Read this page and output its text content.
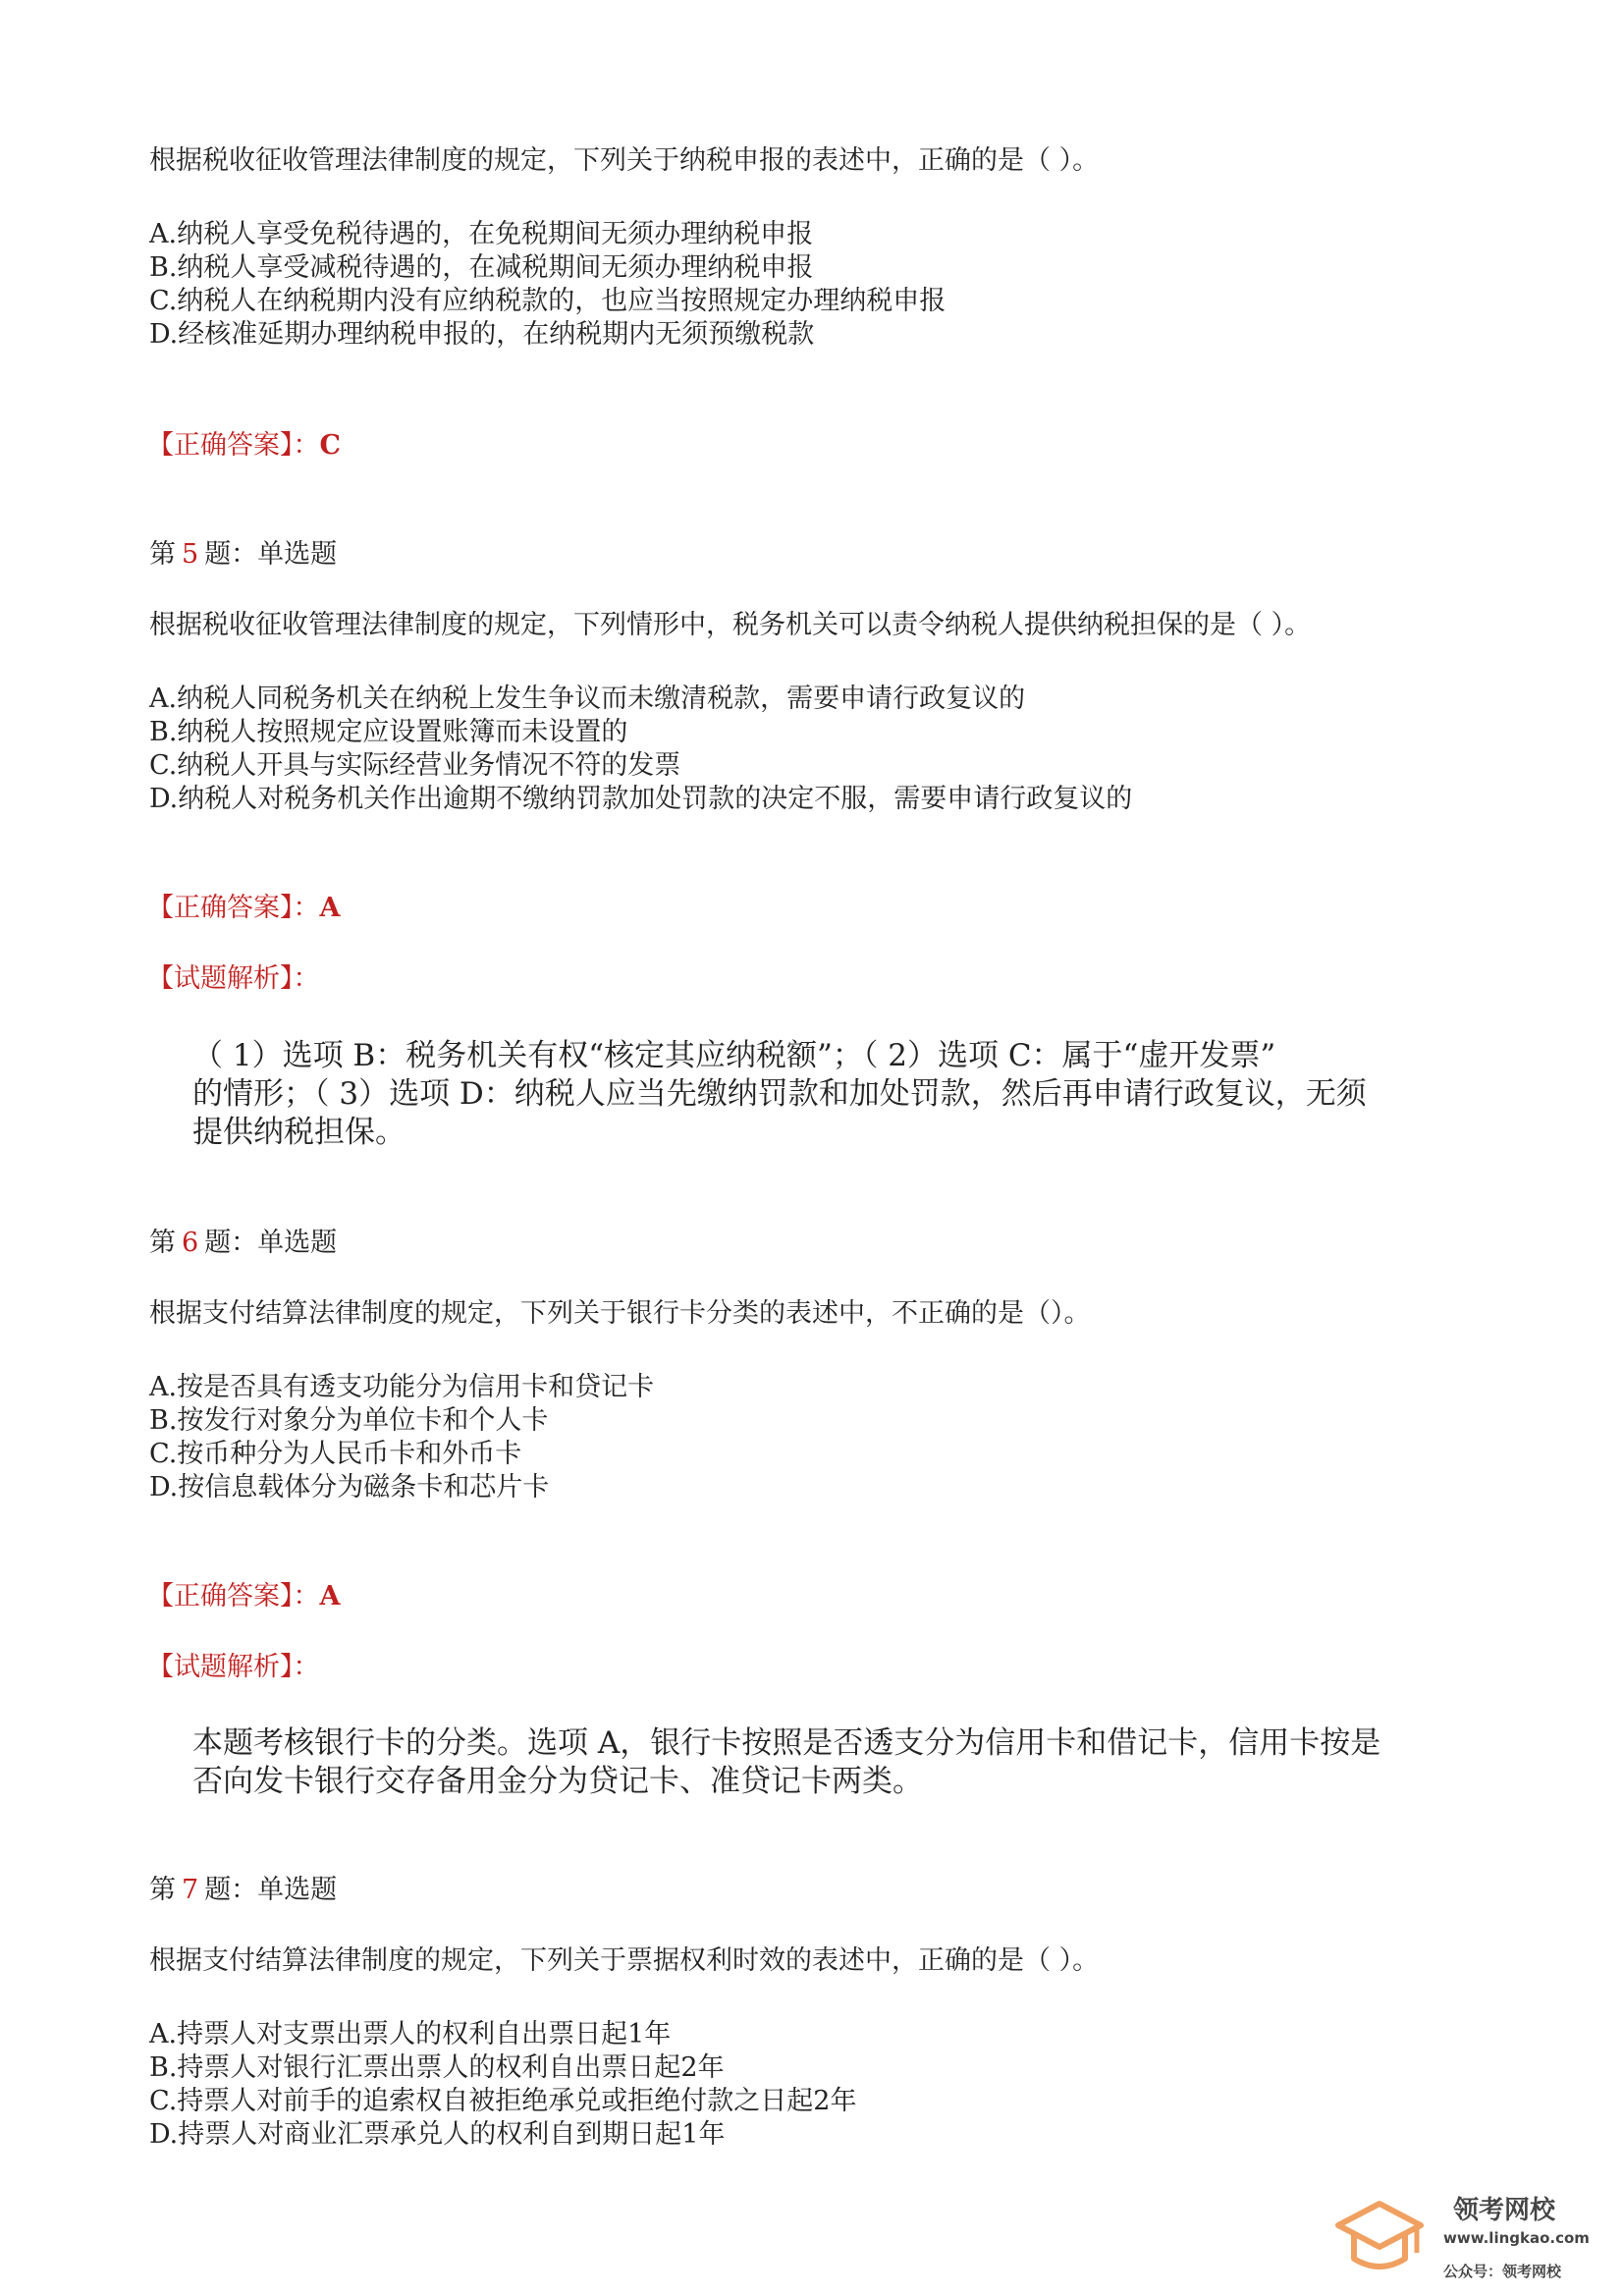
根据税收征收管理法律制度的规定，下列关于纳税申报的表述中，正确的是（ ）。
A.纳税人享受免税待遇的，在免税期间无须办理纳税申报
B.纳税人享受减税待遇的，在减税期间无须办理纳税申报
C.纳税人在纳税期内没有应纳税款的，也应当按照规定办理纳税申报
D.经核准延期办理纳税申报的，在纳税期内无须预缴税款
【正确答案】：C
第 5 题：单选题
根据税收征收管理法律制度的规定，下列情形中，税务机关可以责令纳税人提供纳税担保的是（ ）。
A.纳税人同税务机关在纳税上发生争议而未缴清税款，需要申请行政复议的
B.纳税人按照规定应设置账簿而未设置的
C.纳税人开具与实际经营业务情况不符的发票
D.纳税人对税务机关作出逾期不缴纳罚款加处罚款的决定不服，需要申请行政复议的
【正确答案】：A
【试题解析】：
（ 1）选项 B：税务机关有权“核定其应纳税额”；（ 2）选项 C：属于“虚开发票”
的情形；（ 3）选项 D：纳税人应当先缴纳罚款和加处罚款，然后再申请行政复议，无须
提供纳税担保。
第 6 题：单选题
根据支付结算法律制度的规定，下列关于银行卡分类的表述中，不正确的是（）。
A.按是否具有透支功能分为信用卡和贷记卡
B.按发行对象分为单位卡和个人卡
C.按币种分为人民币卡和外币卡
D.按信息载体分为磁条卡和芯片卡
【正确答案】：A
【试题解析】：
本题考核银行卡的分类。选项 A，银行卡按照是否透支分为信用卡和借记卡，信用卡按是
否向发卡银行交存备用金分为贷记卡、准贷记卡两类。
第 7 题：单选题
根据支付结算法律制度的规定，下列关于票据权利时效的表述中，正确的是（ ）。
A.持票人对支票出票人的权利自出票日起1年
B.持票人对银行汇票出票人的权利自出票日起2年
C.持票人对前手的追索权自被拒绝承兑或拒绝付款之日起2年
D.持票人对商业汇票承兑人的权利自到期日起1年
领考网校
www.lingkao.com
公众号：领考网校
